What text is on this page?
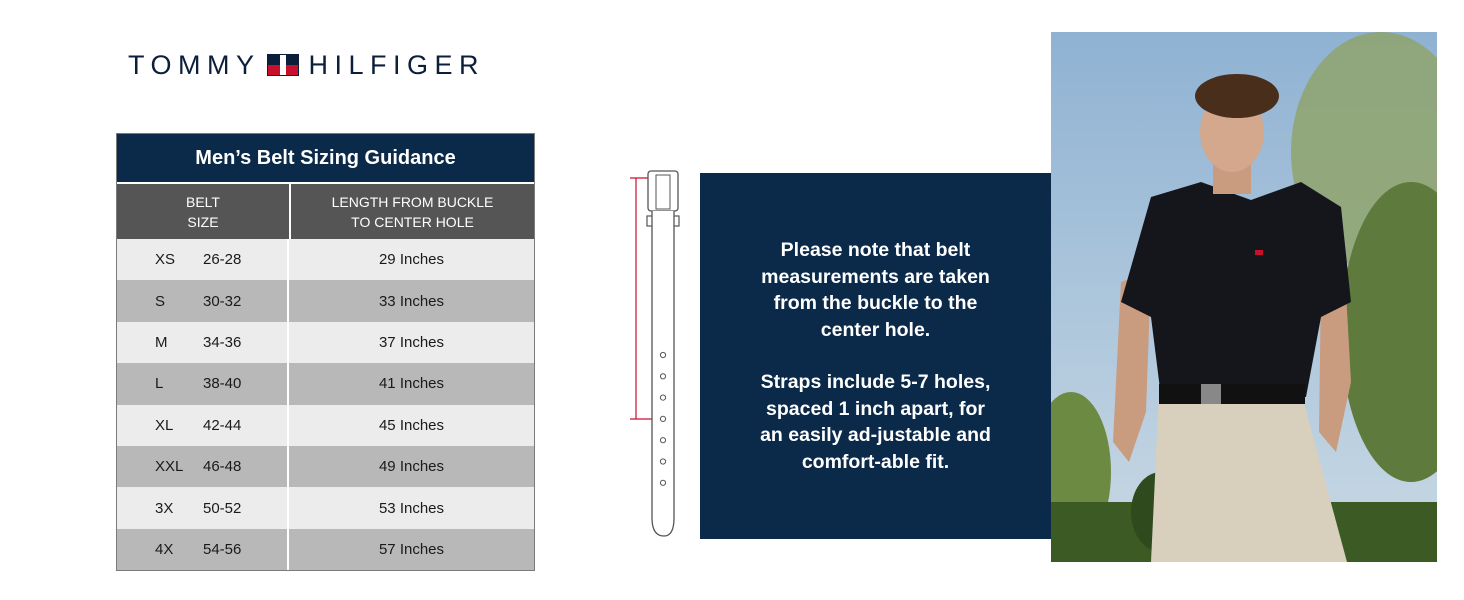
TOMMY HILFIGER
Men’s Belt Sizing Guidance
BELT
SIZE
LENGTH FROM BUCKLE
TO CENTER HOLE
XS 26-28	29 Inches
S	30-32	33 Inches
M 34-36	37 Inches
L	38-40	41 Inches
XL 42-44	45 Inches
XXL 46-48	49 Inches
3X 50-52	53 Inches
4X 54-56	57 Inches

Please note that belt measurements are taken from the buckle to the center hole.

Straps include 5-7 holes, spaced 1 inch apart, for an easily ad-justable and comfort-able fit.
